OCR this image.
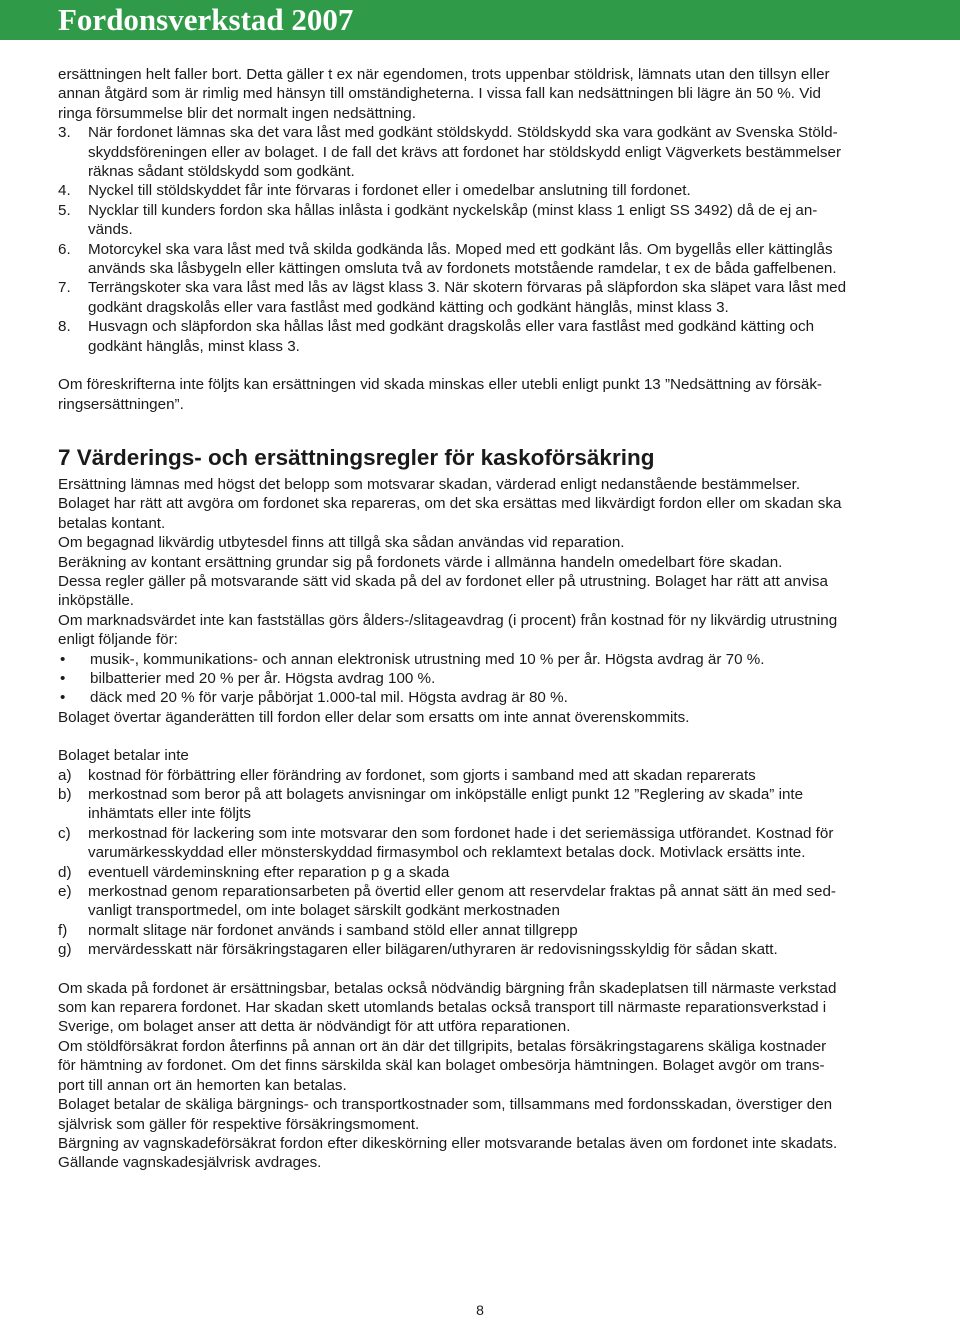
Fordonsverkstad 2007

ersättningen helt faller bort. Detta gäller t ex när egendomen, trots uppenbar stöldrisk, lämnats utan den tillsyn eller

annan åtgärd som är rimlig med hänsyn till omständigheterna. I vissa fall kan nedsättningen bli lägre än 50 %. Vid

ringa försummelse blir det normalt ingen nedsättning.

3. När fordonet lämnas ska det vara låst med godkänt stöldskydd. Stöldskydd ska vara godkänt av Svenska Stöld-

skyddsföreningen eller av bolaget. I de fall det krävs att fordonet har stöldskydd enligt Vägverkets bestämmelser

räknas sådant stöldskydd som godkänt.

4. Nyckel till stöldskyddet får inte förvaras i fordonet eller i omedelbar anslutning till fordonet.

5. Nycklar till kunders fordon ska hållas inlåsta i godkänt nyckelskåp (minst klass 1 enligt SS 3492) då de ej an-

vänds.

6. Motorcykel ska vara låst med två skilda godkända lås. Moped med ett godkänt lås. Om bygellås eller kättinglås

används ska låsbygeln eller kättingen omsluta två av fordonets motstående ramdelar, t ex de båda gaffelbenen.

7. Terrängskoter ska vara låst med lås av lägst klass 3. När skotern förvaras på släpfordon ska släpet vara låst med

godkänt dragskolås eller vara fastlåst med godkänd kätting och godkänt hänglås, minst klass 3.

8. Husvagn och släpfordon ska hållas låst med godkänt dragskolås eller vara fastlåst med godkänd kätting och

godkänt hänglås, minst klass 3.

Om föreskrifterna inte följts kan ersättningen vid skada minskas eller utebli enligt punkt 13 ”Nedsättning av försäk-

ringsersättningen”.

7 Värderings- och ersättningsregler för kaskoförsäkring

Ersättning lämnas med högst det belopp som motsvarar skadan, värderad enligt nedanstående bestämmelser.

Bolaget har rätt att avgöra om fordonet ska repareras, om det ska ersättas med likvärdigt fordon eller om skadan ska

betalas kontant.

Om begagnad likvärdig utbytesdel finns att tillgå ska sådan användas vid reparation.

Beräkning av kontant ersättning grundar sig på fordonets värde i allmänna handeln omedelbart före skadan.

Dessa regler gäller på motsvarande sätt vid skada på del av fordonet eller på utrustning. Bolaget har rätt att anvisa

inköpställe.

Om marknadsvärdet inte kan fastställas görs ålders-/slitageavdrag (i procent) från kostnad för ny likvärdig utrustning

enligt följande för:

• musik-, kommunikations- och annan elektronisk utrustning med 10 % per år. Högsta avdrag är 70 %.

• bilbatterier med 20 % per år. Högsta avdrag 100 %.

• däck med 20 % för varje påbörjat 1.000-tal mil. Högsta avdrag är 80 %.

Bolaget övertar äganderätten till fordon eller delar som ersatts om inte annat överenskommits.

Bolaget betalar inte

a) kostnad för förbättring eller förändring av fordonet, som gjorts i samband med att skadan reparerats

b) merkostnad som beror på att bolagets anvisningar om inköpställe enligt punkt 12 ”Reglering av skada” inte

inhämtats eller inte följts

c) merkostnad för lackering som inte motsvarar den som fordonet hade i det seriemässiga utförandet. Kostnad för

varumärkesskyddad eller mönsterskyddad firmasymbol och reklamtext betalas dock. Motivlack ersätts inte.

d) eventuell värdeminskning efter reparation p g a skada

e) merkostnad genom reparationsarbeten på övertid eller genom att reservdelar fraktas på annat sätt än med sed-

vanligt transportmedel, om inte bolaget särskilt godkänt merkostnaden

f) normalt slitage när fordonet används i samband stöld eller annat tillgrepp

g) mervärdesskatt när försäkringstagaren eller bilägaren/uthyraren är redovisningsskyldig för sådan skatt.

Om skada på fordonet är ersättningsbar, betalas också nödvändig bärgning från skadeplatsen till närmaste verkstad

som kan reparera fordonet. Har skadan skett utomlands betalas också transport till närmaste reparationsverkstad i

Sverige, om bolaget anser att detta är nödvändigt för att utföra reparationen.

Om stöldförsäkrat fordon återfinns på annan ort än där det tillgripits, betalas försäkringstagarens skäliga kostnader

för hämtning av fordonet. Om det finns särskilda skäl kan bolaget ombesörja hämtningen. Bolaget avgör om trans-

port till annan ort än hemorten kan betalas.

Bolaget betalar de skäliga bärgnings- och transportkostnader som, tillsammans med fordonsskadan, överstiger den

självrisk som gäller för respektive försäkringsmoment.

Bärgning av vagnskadeförsäkrat fordon efter dikeskörning eller motsvarande betalas även om fordonet inte skadats.

Gällande vagnskadesjälvrisk avdrages.

8
